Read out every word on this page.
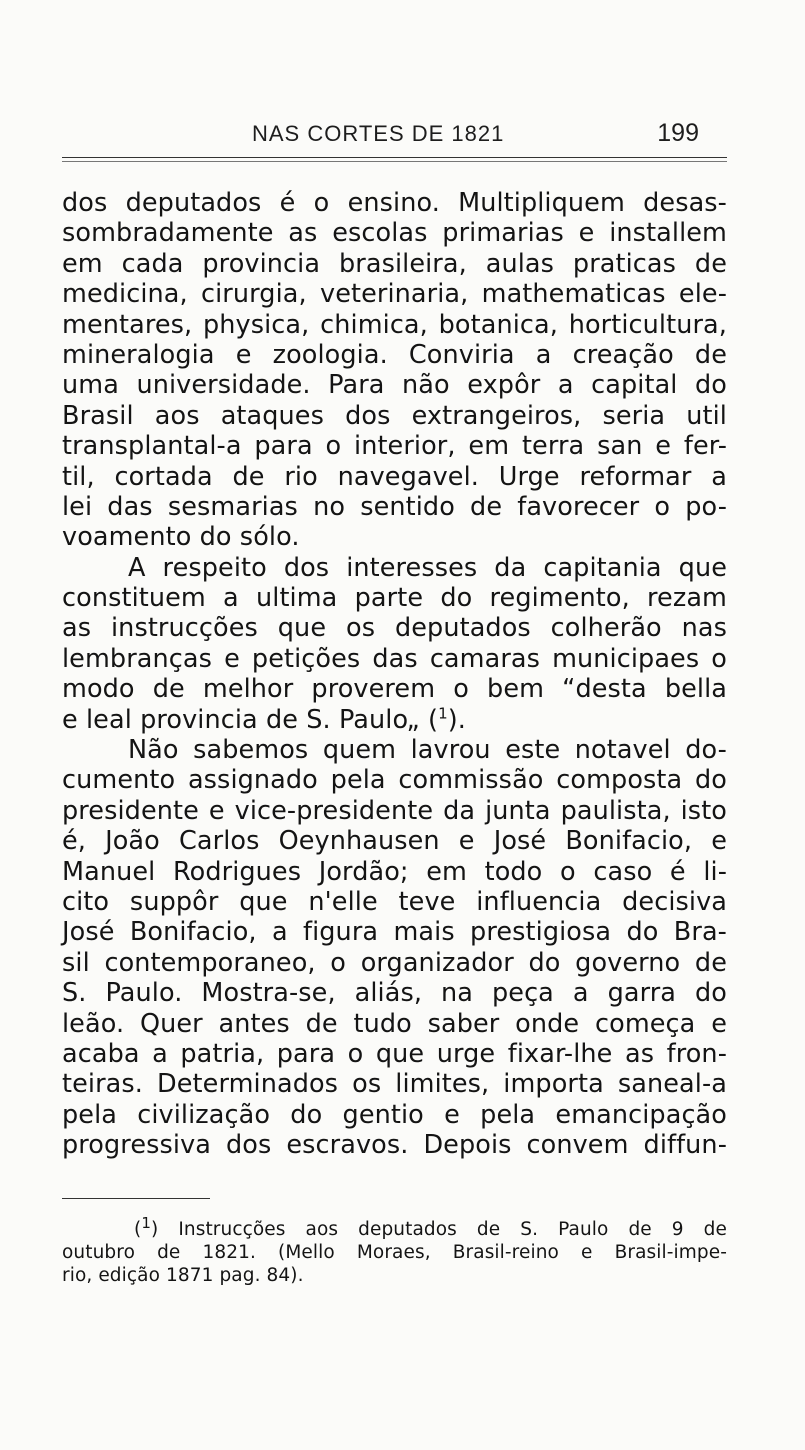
NAS CORTES DE 1821	199
dos deputados é o ensino. Multipliquem desas-
sombradamente as escolas primarias e installem
em cada provincia brasileira, aulas praticas de
medicina, cirurgia, veterinaria, mathematicas ele-
mentares, physica, chimica, botanica, horticultura,
mineralogia e zoologia. Conviria a creação de
uma universidade. Para não expôr a capital do
Brasil aos ataques dos extrangeiros, seria util
transplantal-a para o interior, em terra san e fer-
til, cortada de rio navegavel. Urge reformar a
lei das sesmarias no sentido de favorecer o po-
voamento do sólo.
A respeito dos interesses da capitania que
constituem a ultima parte do regimento, rezam
as instrucções que os deputados colherão nas
lembranças e petições das camaras municipaes o
modo de melhor proverem o bem “desta bella
e leal provincia de S. Paulo„ ($^1$).
Não sabemos quem lavrou este notavel do-
cumento assignado pela commissão composta do
presidente e vice-presidente da junta paulista, isto
é, João Carlos Oeynhausen e José Bonifacio, e
Manuel Rodrigues Jordão; em todo o caso é li-
cito suppôr que n'elle teve influencia decisiva
José Bonifacio, a figura mais prestigiosa do Bra-
sil contemporaneo, o organizador do governo de
S. Paulo. Mostra-se, aliás, na peça a garra do
leão. Quer antes de tudo saber onde começa e
acaba a patria, para o que urge fixar-lhe as fron-
teiras. Determinados os limites, importa saneal-a
pela civilização do gentio e pela emancipação
progressiva dos escravos. Depois convem diffun-
($^1$) Instrucções aos deputados de S. Paulo de 9 de
outubro de 1821. (Mello Moraes, Brasil-reino e Brasil-impe-
rio, edição 1871 pag. 84).
